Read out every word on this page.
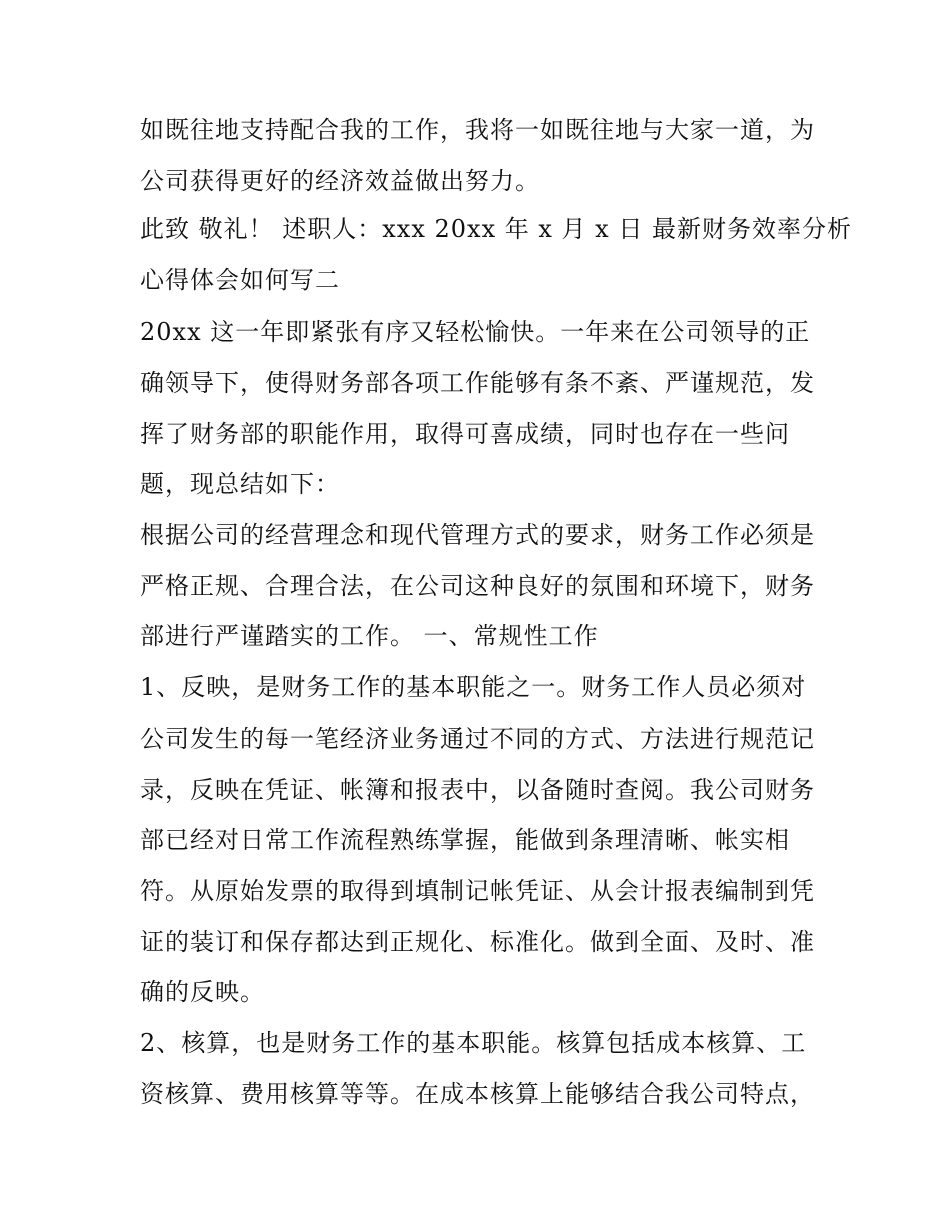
如既往地支持配合我的工作，我将一如既往地与大家一道，为
公司获得更好的经济效益做出努力。
此致 敬礼！ 述职人：xxx 20xx 年 x 月 x 日 最新财务效率分析
心得体会如何写二
20xx 这一年即紧张有序又轻松愉快。一年来在公司领导的正
确领导下，使得财务部各项工作能够有条不紊、严谨规范，发
挥了财务部的职能作用，取得可喜成绩，同时也存在一些问
题，现总结如下：
根据公司的经营理念和现代管理方式的要求，财务工作必须是
严格正规、合理合法，在公司这种良好的氛围和环境下，财务
部进行严谨踏实的工作。 一、常规性工作
1、反映，是财务工作的基本职能之一。财务工作人员必须对
公司发生的每一笔经济业务通过不同的方式、方法进行规范记
录，反映在凭证、帐簿和报表中，以备随时查阅。我公司财务
部已经对日常工作流程熟练掌握，能做到条理清晰、帐实相
符。从原始发票的取得到填制记帐凭证、从会计报表编制到凭
证的装订和保存都达到正规化、标准化。做到全面、及时、准
确的反映。
2、核算，也是财务工作的基本职能。核算包括成本核算、工
资核算、费用核算等等。在成本核算上能够结合我公司特点，
